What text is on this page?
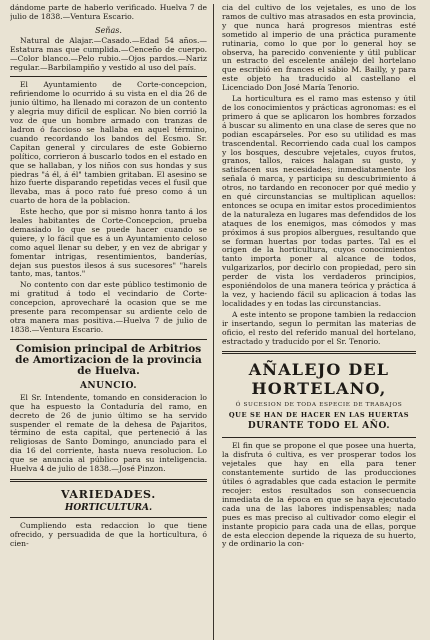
dándome parte de haberlo verificado. Huelva 7 de julio de 1838.—Ventura Escario.

Señas.

Natural de Alajar.—Casado.—Edad 54 años.—Estatura mas que cumplida.—Cenceño de cuerpo.—Color blanco.—Pelo rubio.—Ojos pardos.—Nariz regular.—Barbilampiño y vestido al uso del país.

El Ayuntamiento de Corte-concepcion, refiriendome lo ocurrido á su vista en el dia 26 de junio último, ha llenado mi corazon de un contento y alegria muy difícil de esplicar. No bien corrió la voz de que un hombre armado con tranzas de ladron ó faccioso se hallaba en aquel término, cuando recordando los bandos del Ecsmo. Sr. Capitan general y circulares de este Gobierno político, corrieron á buscarlo todos en el estado en que se hallaban, y los niños con sus hondas y sus piedras "á él, á él" tambien gritaban. El asesino se hizo fuerte disparando repetidas veces el fusil que llevaba, mas á poco rato fué preso como á un cuarto de hora de la poblacion.

Este hecho, que por si mismo honra tanto á los leales habitantes de Corte-Concepcion, prueba demasiado lo que se puede hacer cuando se quiere, y lo fácil que es á un Ayuntamiento celoso como aquel llenar su deber, y en vez de abrigar y fomentar intrigas, resentimientos, banderías, dejan sus puestos ilesos á sus sucesores" "harels tanto, mas, tantos."

No contento con dar este público testimonio de mi gratitud á todo el vecindario de Corte-concepcion, aprovecharé la ocasion que se me presente para recompensar su ardiente celo de otra manera mas positiva.—Huelva 7 de julio de 1838.—Ventura Escario.

Comision principal de Arbitrios de Amortizacion de la provincia de Huelva.
ANUNCIO.

El Sr. Intendente, tomando en consideracion lo que ha espuesto la Contaduría del ramo, en decreto de 26 de junio último se ha servido suspender el remate de la dehesa de Pajaritos, término de esta capital, que perteneció á las religiosas de Santo Domingo, anunciado para el dia 16 del corriente, hasta nueva resolucion. Lo que se anuncia al público para su inteligencia. Huelva 4 de julio de 1838.—José Pinzon.

VARIEDADES.
HORTICULTURA.

Cumpliendo esta redaccion lo que tiene ofrecido, y persuadida de que la horticultura, ó cien-

cia del cultivo de los vejetales, es uno de los ramos de cultivo mas atrasados en esta provincia, y que nunca hará progresos mientras esté sometido al imperio de una práctica puramente rutinaria, como lo que por lo general hoy se observa, ha parecido conveniente y útil publicar un estracto del escelente análejo del hortelano que escribió en frances el sábio M. Bailly, y para este objeto ha traducido al castellano el Licenciado Don José María Tenorio.

La horticultura es el ramo mas estenso y útil de los conocimientos y prácticas agronomas: es el primero á que se aplicaron los hombres forzados á buscar su alimento en una clase de seres que no podian escapárseles. Por eso su utilidad es mas trascendental. Recorriendo cada cual los campos y los bosques, descubre vejetales, cuyos frutos, granos, tallos, raices halagan su gusto, y satisfacen sus necesidades; inmediatamente los señala ó marca, y participa su descubrimiento á otros, no tardando en reconocer por qué medio y en qué circunstancias se multiplican aquellos: entonces se ocupa en imitar estos procedimientos de la naturaleza en lugares mas defendidos de los ataques de los enemigos, mas cómodos y mas próximos á sus propios albergues, resultando que se forman huertas por todas partes. Tal es el origen de la horticultura, cuyos conocimientos tanto importa poner al alcance de todos, vulgarizarlos, por decirlo con propiedad, pero sin perder de vista los verdaderos principios, esponiéndolos de una manera teórica y práctica á la vez, y haciendo fácil su aplicacion á todas las localidades y en todas las circunstancias.

A este intento se propone tambien la redaccion ir insertando, segun lo permitan las materias de oficio, el resto del referido manual del hortelano, estractado y traducido por el Sr. Tenorio.

AÑALEJO DEL HORTELANO,
Ó SUCESION DE TODA ESPECIE DE TRABAJOS
QUE SE HAN DE HACER EN LAS HUERTAS
DURANTE TODO EL AÑO.

El fin que se propone el que posee una huerta, la disfruta ó cultiva, es ver prosperar todos los vejetales que hay en ella para tener constantemente surtido de las producciones útiles ó agradables que cada estacion le permite recojer: estos resultados son consecuencia inmediata de la época en que se haya ejecutado cada una de las labores indispensables; nada pues es mas preciso al cultivador como elegir el instante propicio para cada una de ellas, porque de esta eleccion depende la riqueza de su huerto, y de ordinario la con-
